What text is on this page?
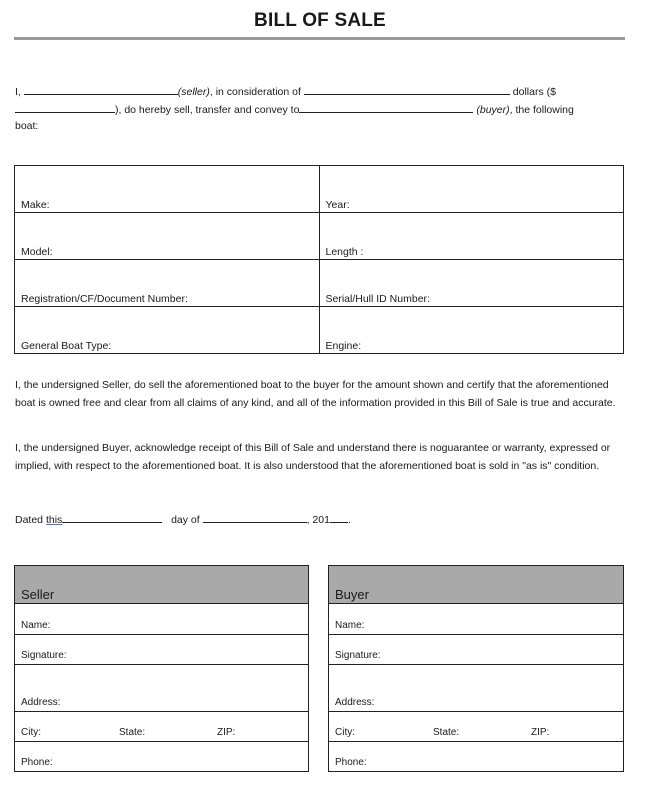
BILL OF SALE
I,	(seller), in consideration of	dollars ($
), do hereby sell, transfer and convey to	(buyer), the following
boat:
Make:	Year:
Model:	Length :
Registration/CF/Document Number:	Serial/Hull ID Number:
General Boat Type:	Engine:
I, the undersigned Seller, do sell the aforementioned boat to the buyer for the amount shown and certify that the aforementioned boat is owned free and clear from all claims of any kind, and all of the information provided in this Bill of Sale is true and accurate.
I, the undersigned Buyer, acknowledge receipt of this Bill of Sale and understand there is noguarantee or warranty, expressed or implied, with respect to the aforementioned boat. It is also understood that the aforementioned boat is sold in "as is" condition.
Dated this	day of	, 201 .
Seller
Name:
Signature:
Address:
City:	State:	ZIP:
Phone:
Buyer
Name:
Signature:
Address:
City:	State:	ZIP:
Phone:
